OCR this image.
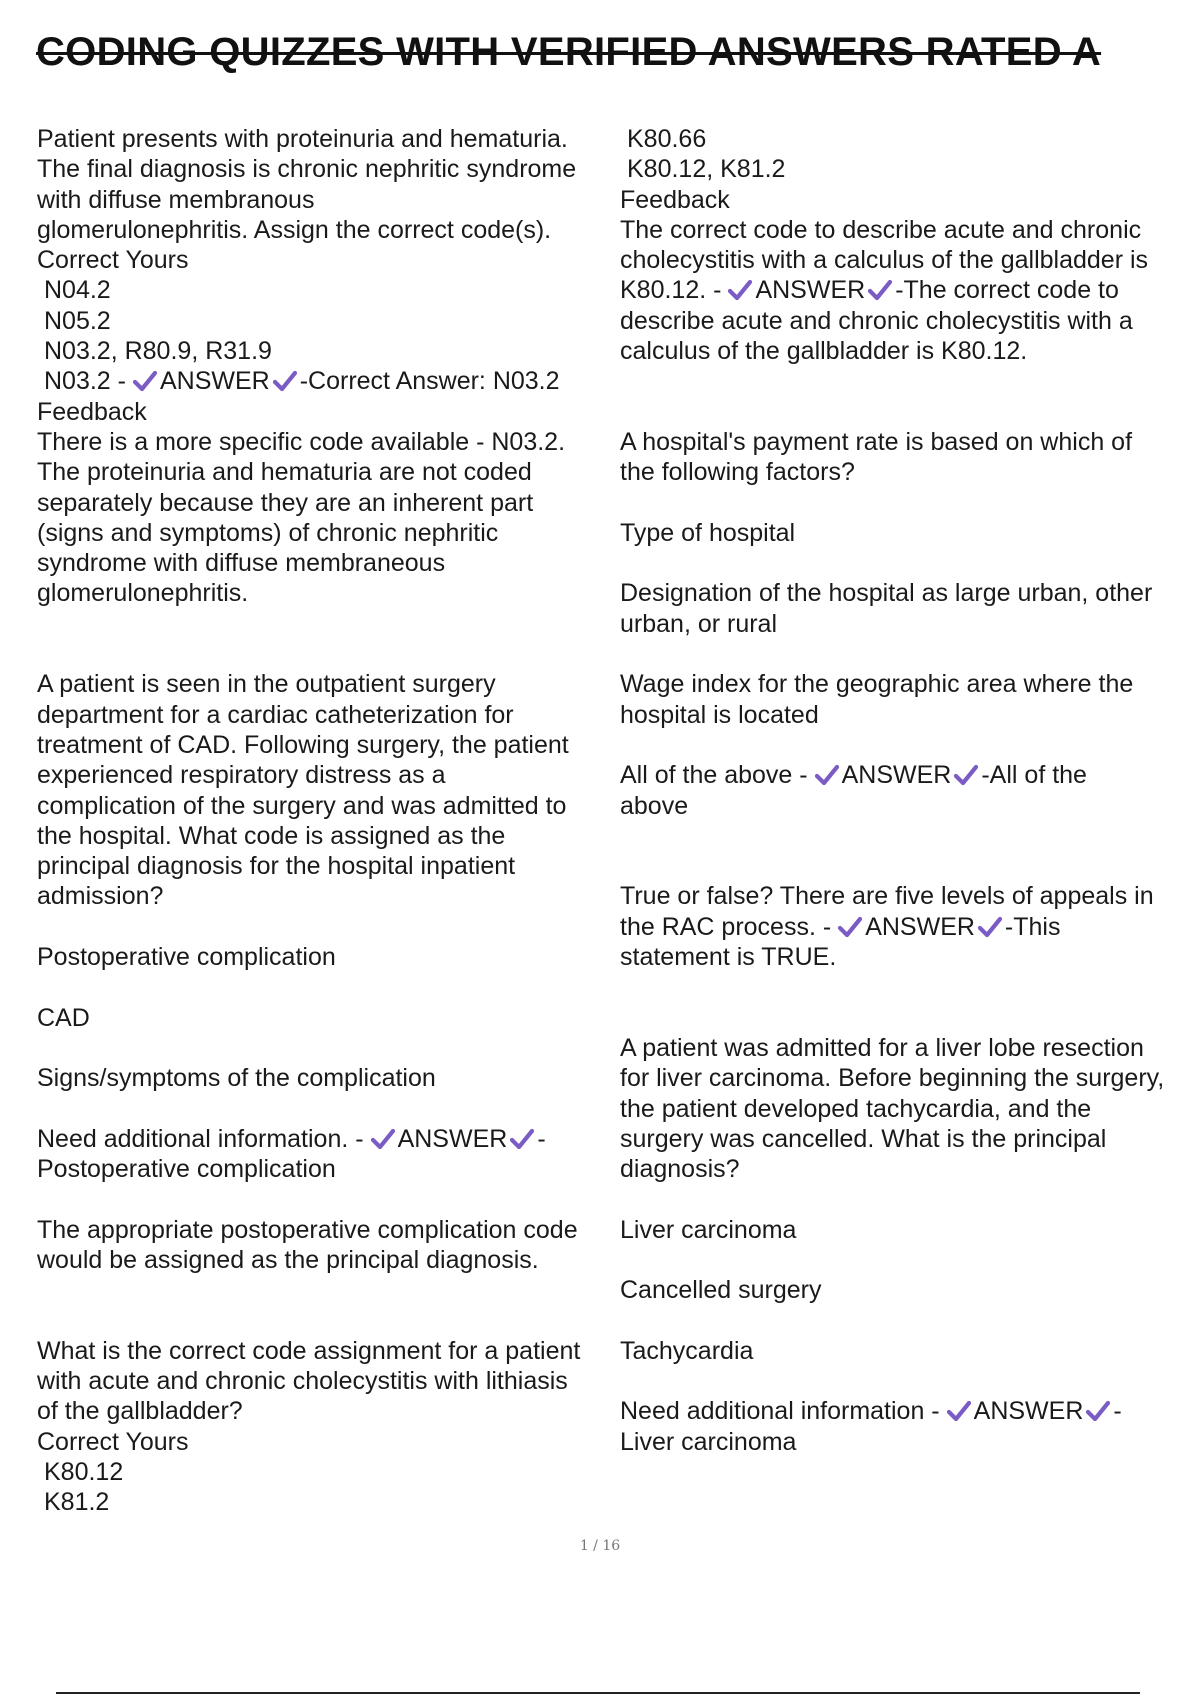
CODING QUIZZES WITH VERIFIED ANSWERS RATED A
Patient presents with proteinuria and hematuria.
The final diagnosis is chronic nephritic syndrome
with diffuse membranous
glomerulonephritis. Assign the correct code(s).
Correct Yours
N04.2
N05.2
N03.2, R80.9, R31.9
N03.2 - ANSWER -Correct Answer: N03.2
Feedback
There is a more specific code available - N03.2.
The proteinuria and hematuria are not coded
separately because they are an inherent part
(signs and symptoms) of chronic nephritic
syndrome with diffuse membraneous
glomerulonephritis.
A patient is seen in the outpatient surgery
department for a cardiac catheterization for
treatment of CAD. Following surgery, the patient
experienced respiratory distress as a
complication of the surgery and was admitted to
the hospital. What code is assigned as the
principal diagnosis for the hospital inpatient
admission?
Postoperative complication
CAD
Signs/symptoms of the complication
Need additional information. - ANSWER -
Postoperative complication
The appropriate postoperative complication code
would be assigned as the principal diagnosis.
What is the correct code assignment for a patient
with acute and chronic cholecystitis with lithiasis
of the gallbladder?
Correct Yours
K80.12
K81.2
K80.66
K80.12, K81.2
Feedback
The correct code to describe acute and chronic
cholecystitis with a calculus of the gallbladder is
K80.12. - ANSWER -The correct code to
describe acute and chronic cholecystitis with a
calculus of the gallbladder is K80.12.
A hospital's payment rate is based on which of
the following factors?
Type of hospital
Designation of the hospital as large urban, other
urban, or rural
Wage index for the geographic area where the
hospital is located
All of the above - ANSWER -All of the
above
True or false? There are five levels of appeals in
the RAC process. - ANSWER -This
statement is TRUE.
A patient was admitted for a liver lobe resection
for liver carcinoma. Before beginning the surgery,
the patient developed tachycardia, and the
surgery was cancelled. What is the principal
diagnosis?
Liver carcinoma
Cancelled surgery
Tachycardia
Need additional information - ANSWER -
Liver carcinoma
1 / 16
